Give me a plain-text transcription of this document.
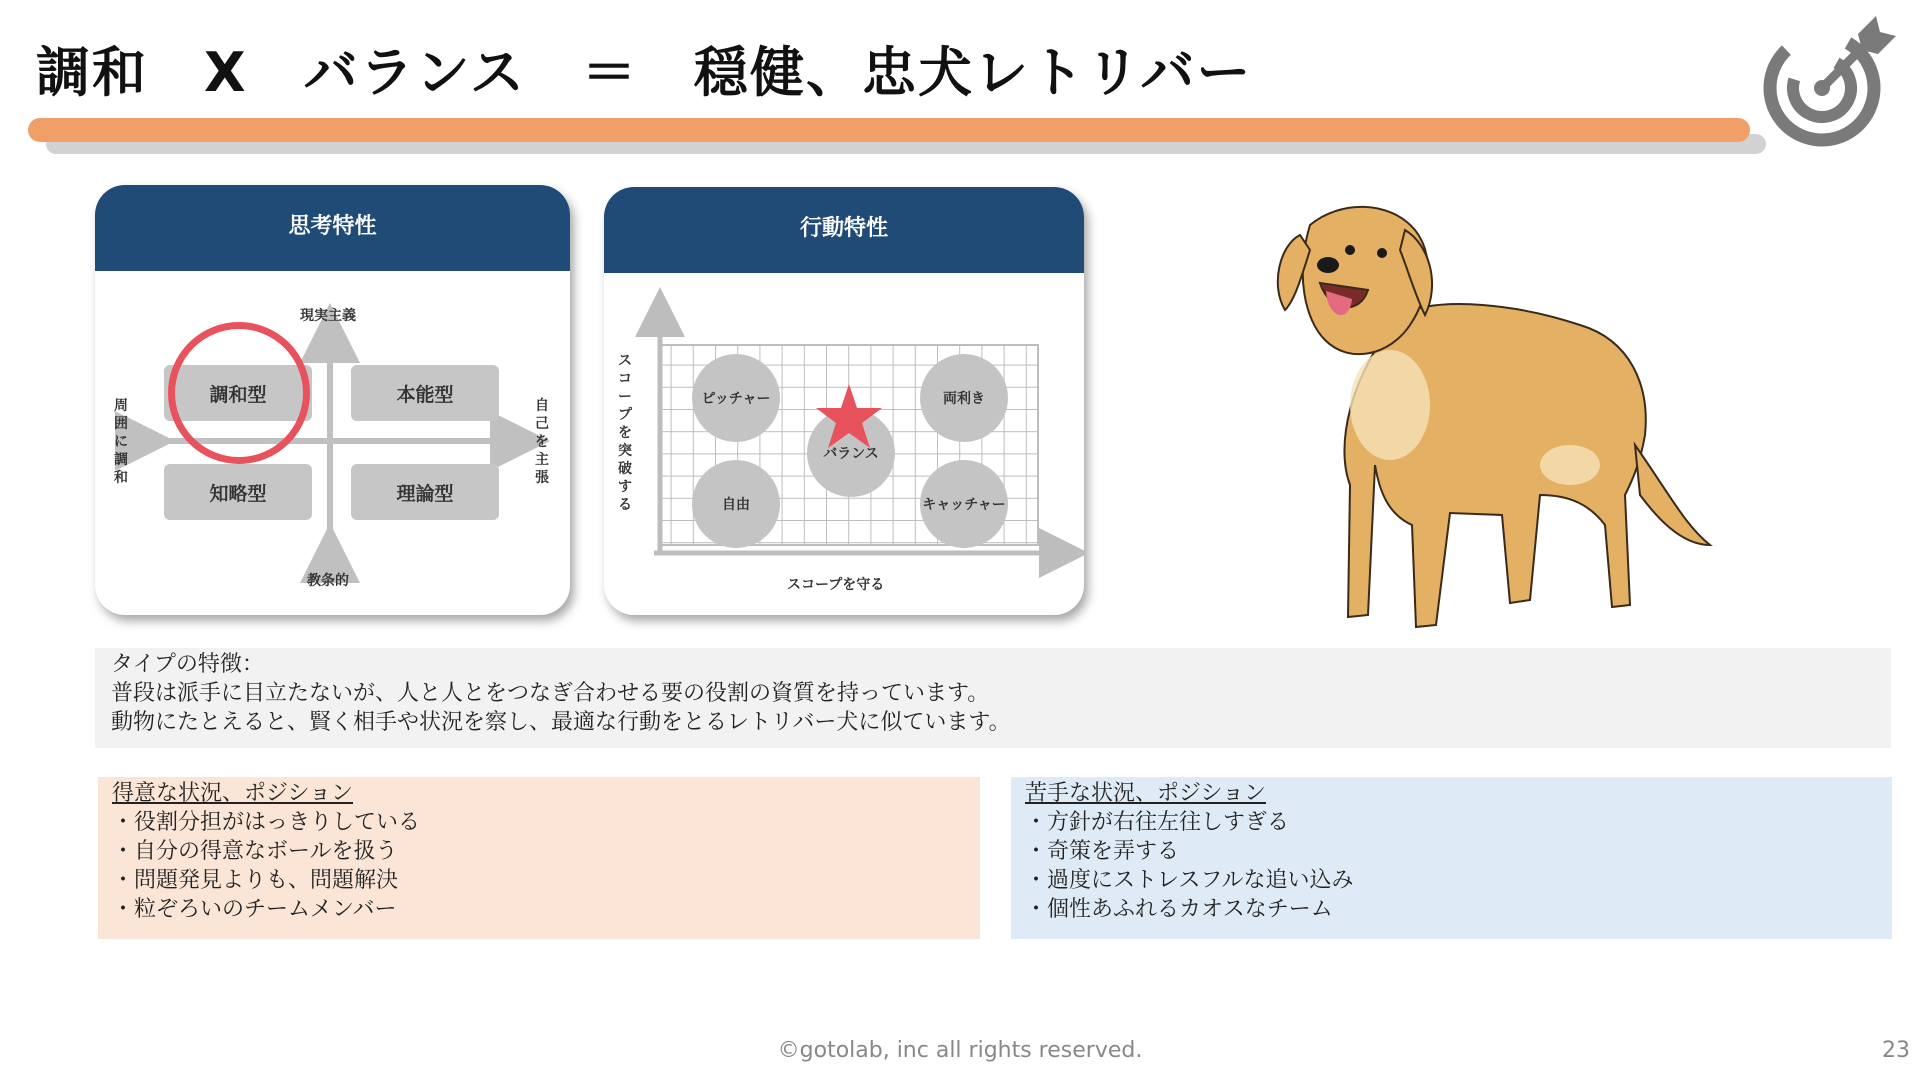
調和　X　バランス　＝　穏健、忠犬レトリバー
思考特性
現実主義
教条的
周囲に調和
自己を主張
調和型	本能型
知略型	理論型
行動特性
スコープを突破する
スコープを守る
ピッチャー	両利き
バランス
自由	キャッチャー
タイプの特徴：
普段は派手に目立たないが、人と人とをつなぎ合わせる要の役割の資質を持っています。
動物にたとえると、賢く相手や状況を察し、最適な行動をとるレトリバー犬に似ています。
得意な状況、ポジション
・役割分担がはっきりしている
・自分の得意なボールを扱う
・問題発見よりも、問題解決
・粒ぞろいのチームメンバー
苦手な状況、ポジション
・方針が右往左往しすぎる
・奇策を弄する
・過度にストレスフルな追い込み
・個性あふれるカオスなチーム
©gotolab, inc all rights reserved.	23
